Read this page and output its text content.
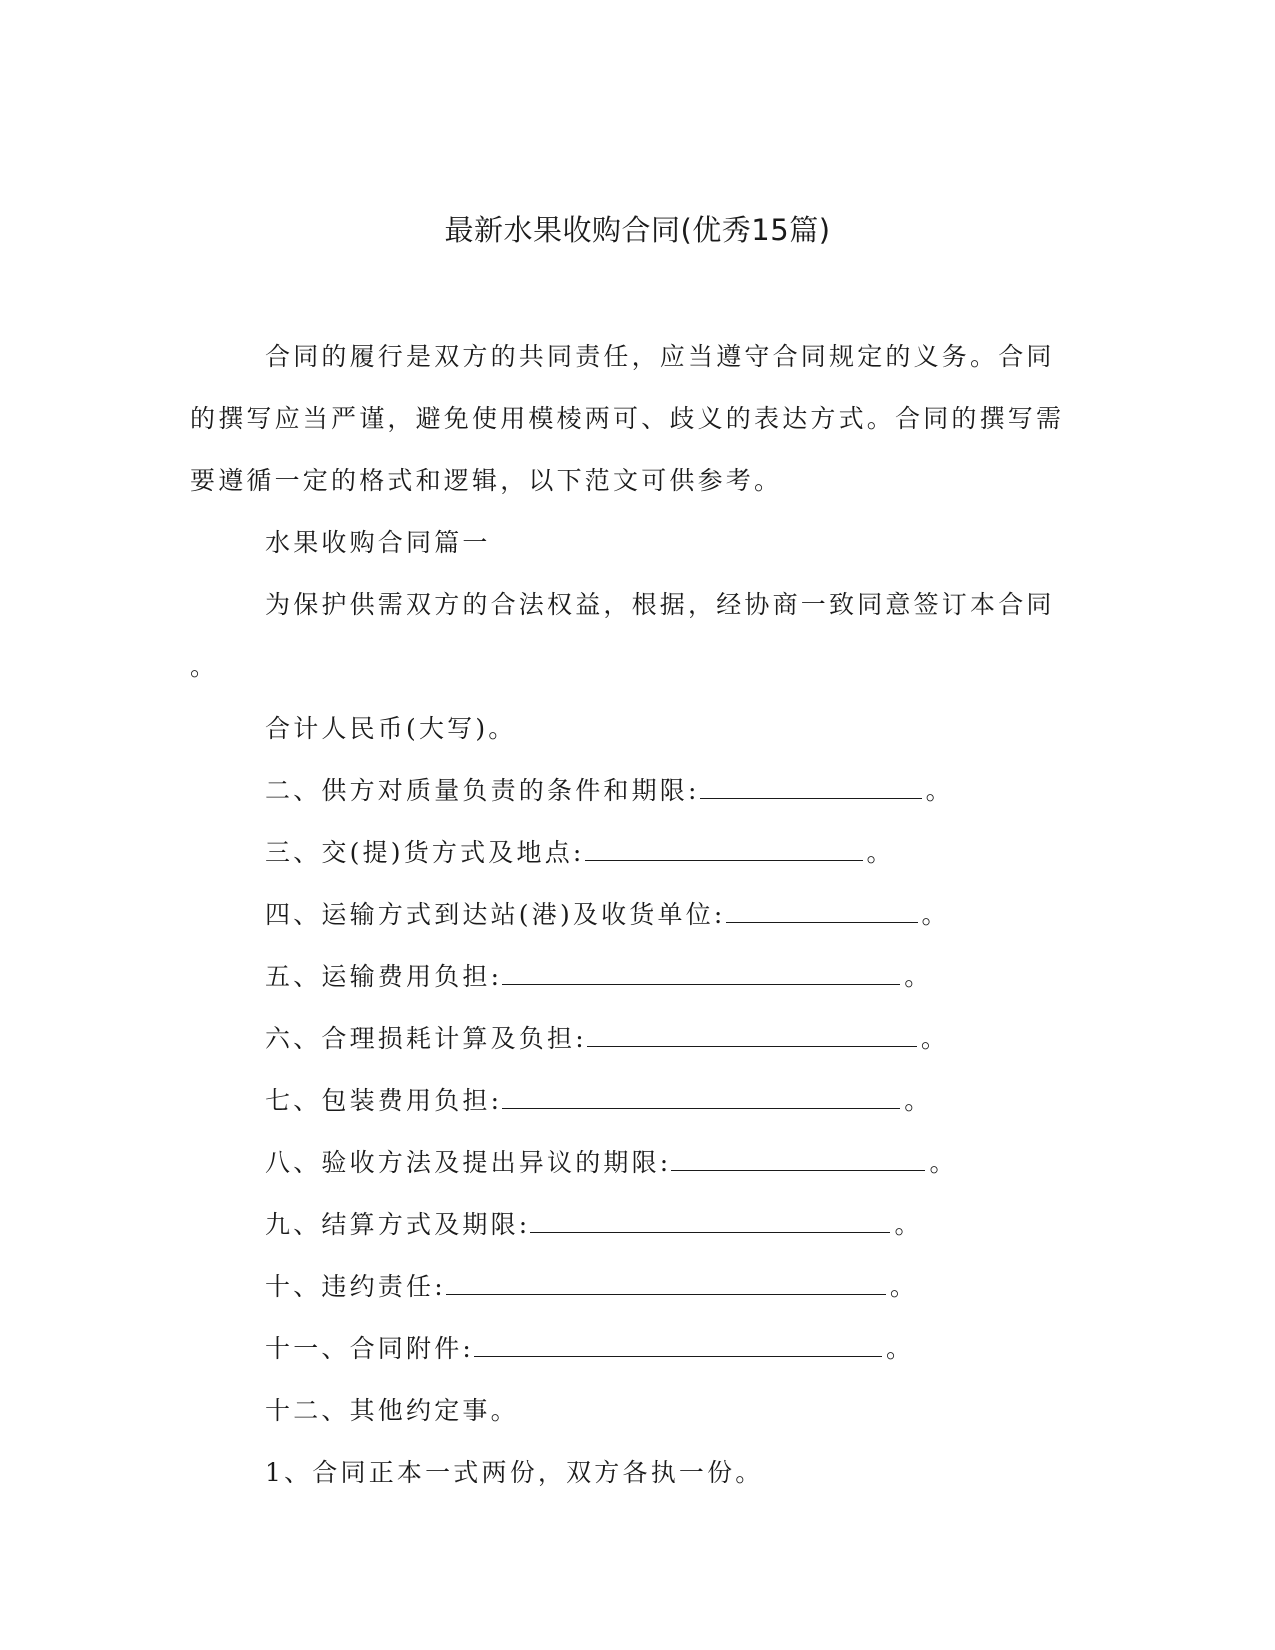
最新水果收购合同(优秀15篇)

合同的履行是双方的共同责任，应当遵守合同规定的义务。合同的撰写应当严谨，避免使用模棱两可、歧义的表达方式。合同的撰写需要遵循一定的格式和逻辑，以下范文可供参考。

水果收购合同篇一

为保护供需双方的合法权益，根据，经协商一致同意签订本合同

。

合计人民币(大写)。

二、供方对质量负责的条件和期限:	。

三、交(提)货方式及地点:	。

四、运输方式到达站(港)及收货单位:	。

五、运输费用负担:	。

六、合理损耗计算及负担:	。

七、包装费用负担:	。

八、验收方法及提出异议的期限:	。

九、结算方式及期限:	。

十、违约责任:	。

十一、合同附件:	。

十二、其他约定事。

1、合同正本一式两份，双方各执一份。
